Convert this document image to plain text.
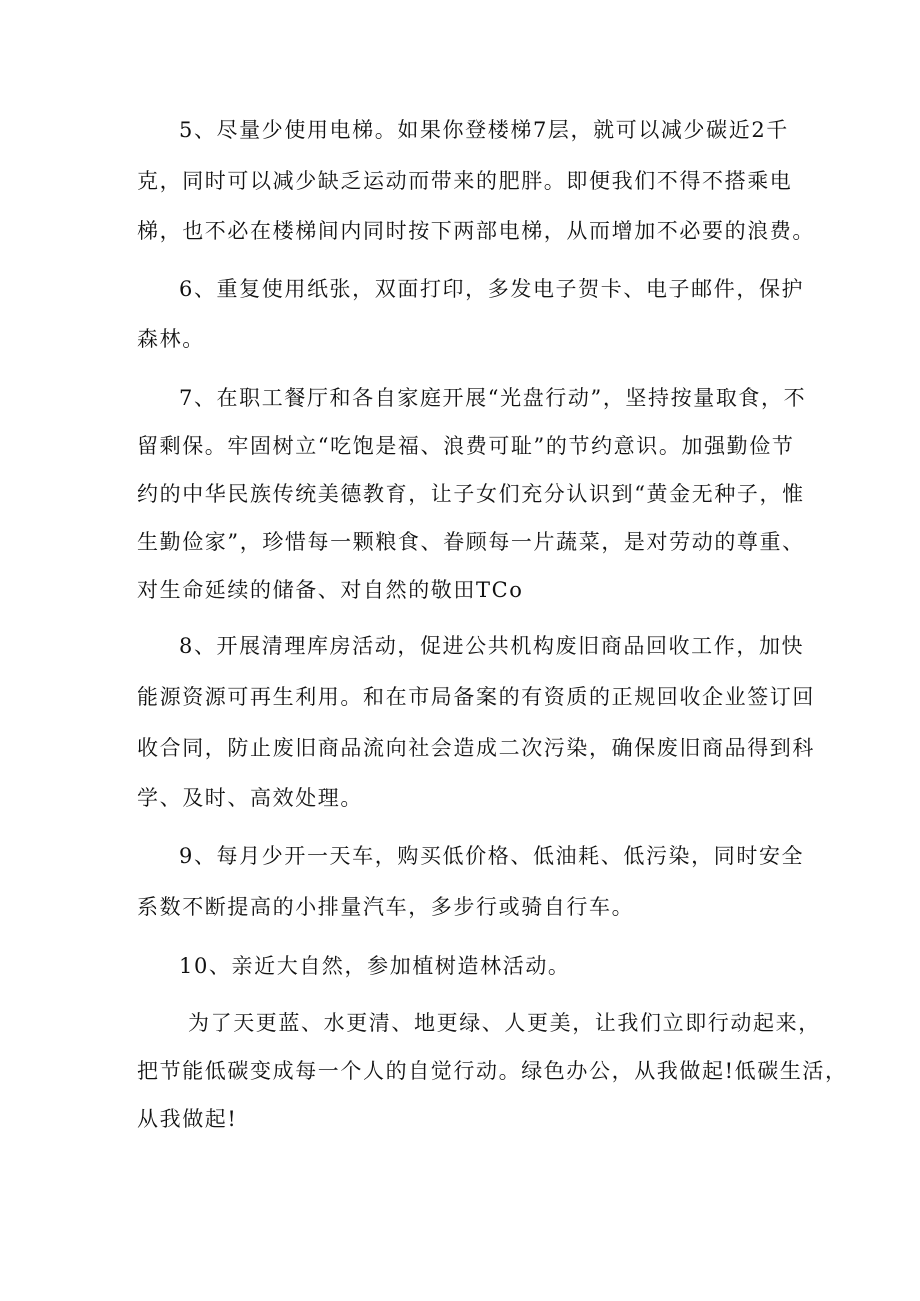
5、尽量少使用电梯。如果你登楼梯7层，就可以减少碳近2千
克，同时可以减少缺乏运动而带来的肥胖。即便我们不得不搭乘电
梯，也不必在楼梯间内同时按下两部电梯，从而增加不必要的浪费。
6、重复使用纸张，双面打印，多发电子贺卡、电子邮件，保护
森林。
7、在职工餐厅和各自家庭开展“光盘行动”，坚持按量取食，不
留剩保。牢固树立“吃饱是福、浪费可耻”的节约意识。加强勤俭节
约的中华民族传统美德教育，让子女们充分认识到“黄金无种子，惟
生勤俭家”，珍惜每一颗粮食、眷顾每一片蔬菜，是对劳动的尊重、
对生命延续的储备、对自然的敬田TCo
8、开展清理库房活动，促进公共机构废旧商品回收工作，加快
能源资源可再生利用。和在市局备案的有资质的正规回收企业签订回
收合同，防止废旧商品流向社会造成二次污染，确保废旧商品得到科
学、及时、高效处理。
9、每月少开一天车，购买低价格、低油耗、低污染，同时安全
系数不断提高的小排量汽车，多步行或骑自行车。
10、亲近大自然，参加植树造林活动。
为了天更蓝、水更清、地更绿、人更美，让我们立即行动起来，
把节能低碳变成每一个人的自觉行动。绿色办公，从我做起!低碳生活，
从我做起!
